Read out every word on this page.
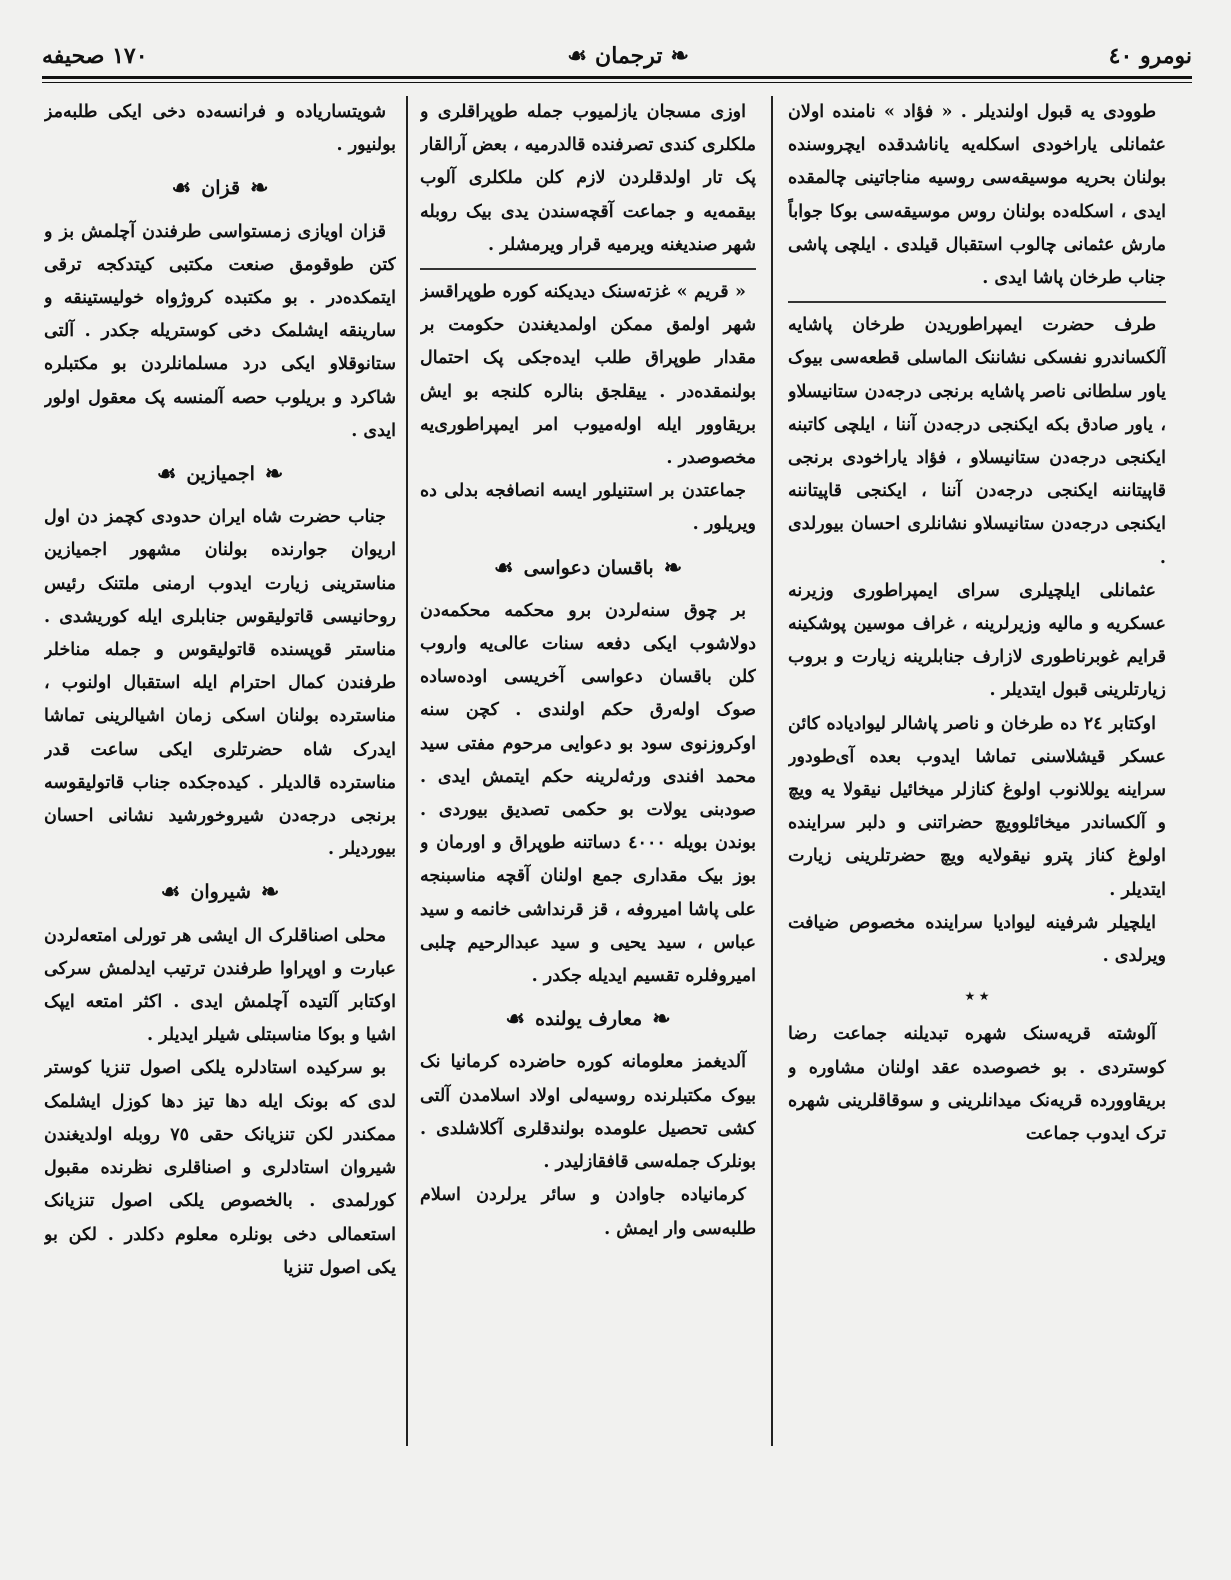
نومرو ٤٠
❧
ترجمان
☙
١٧٠ صحیفه

طوودی یه قبول اولندیلر . « فؤاد » نامنده اولان عثمانلی یاراخودی اسکله‌یه یاناشدقده ایچروسنده بولنان بحریه موسیقه‌سی روسیه مناجاتینی چالمقده ایدی ، اسکله‌ده بولنان روس موسیقه‌سی بوکا جواباً مارش عثمانی چالوب استقبال قیلدی . ایلچی پاشی جناب طرخان پاشا ایدی .

طرف حضرت ایمپراطوریدن طرخان پاشایه آلکساندرو نفسکی نشاننک الماسلی قطعه‌سی بیوک یاور سلطانی ناصر پاشایه برنجی درجه‌دن ستانیسلاو ، یاور صادق بکه ایکنجی درجه‌دن آننا ، ایلچی کاتبنه ایکنجی درجه‌دن ستانیسلاو ، فؤاد یاراخودی برنجی قاپیتاننه ایکنجی درجه‌دن آننا ، ایکنجی قاپیتاننه ایکنجی درجه‌دن ستانیسلاو نشانلری احسان بیورلدی .

عثمانلی ایلچیلری سرای ایمپراطوری وزیرنه عسکریه و مالیه وزیرلرینه ، غراف موسین پوشکینه قرایم غوبرناطوری لازارف جنابلرینه زیارت و بروب زیارتلرینی قبول ایتدیلر .

اوکتابر ٢٤ ده طرخان و ناصر پاشالر لیوادیاده کائن عسکر قیشلاسنی تماشا ایدوب بعده آی‌طودور سراینه یوللانوب اولوغ کنازلر میخائیل نیقولا یه ویچ و آلکساندر میخائلوویچ حضراتنی و دلبر سراینده اولوغ کناز پترو نیقولایه ویچ حضرتلرینی زیارت ایتدیلر .

ایلچیلر شرفینه لیوادیا سراینده مخصوص ضیافت ویرلدی .

٭ ٭

آلوشته قریه‌سنک شهره تبدیلنه جماعت رضا کوستردی . بو خصوصده عقد اولنان مشاوره و بریقاوورده قریه‌نک میدانلرینی و سوقاقلرینی شهره ترک ایدوب جماعت

اوزی مسجان یازلمیوب جمله طوپراقلری و ملکلری کندی تصرفنده قالدرمیه ، بعض آرالقار پک تار اولدقلردن لازم کلن ملکلری آلوب بیقمه‌یه و جماعت آقچه‌سندن یدی بیک روبله شهر صندیغنه ویرمیه قرار ویرمشلر .

« قریم » غزته‌سنک دیدیکنه کوره طوپراقسز شهر اولمق ممکن اولمدیغندن حکومت بر مقدار طوپراق طلب ایده‌جکی پک احتمال بولنمقده‌در . ییقلجق بنالره کلنجه بو ایش بریقاوور ایله اوله‌میوب امر ایمپراطوری‌یه مخصوصدر .

جماعتدن بر استنیلور ایسه انصافجه بدلی ده ویریلور .

❧
باقسان دعواسی
☙

بر چوق سنه‌لردن برو محکمه محکمه‌دن دولاشوب ایکی دفعه سنات عالی‌یه واروب کلن باقسان دعواسی آخریسی اوده‌ساده صوک اوله‌رق حکم اولندی . کچن سنه اوکروزنوی سود بو دعوایی مرحوم مفتی سید محمد افندی ورثه‌لرینه حکم ایتمش ایدی . صودبنی یولات بو حکمی تصدیق بیوردی . بوندن بویله ٤٠٠٠ دساتنه طوپراق و اورمان و بوز بیک مقداری جمع اولنان آقچه مناسبنجه علی پاشا امیروفه ، قز قرنداشی خانمه و سید عباس ، سید یحیی و سید عبدالرحیم چلبی امیروفلره تقسیم ایدیله جکدر .

❧
معارف یولنده
☙

آلدیغمز معلومانه کوره حاضرده کرمانیا نک بیوک مکتبلرنده روسیه‌لی اولاد اسلامدن آلتی کشی تحصیل علومده بولندقلری آکلاشلدی . بونلرک جمله‌سی قافقازلیدر .

کرمانیاده جاوادن و سائر یرلردن اسلام طلبه‌سی وار ایمش .

شویتساریاده و فرانسه‌ده دخی ایکی طلبه‌مز بولنیور .

❧
قزان
☙

قزان اویازی زمستواسی طرفندن آچلمش بز و کتن طوقومق صنعت مکتبی کیتدکجه ترقی ایتمکده‌در . بو مکتبده کروژواه خولیستینقه و سارینقه ایشلمک دخی کوستریله جکدر . آلتی ستانوقلاو ایکی درد مسلمانلردن بو مکتبلره شاکرد و بریلوب حصه آلمنسه پک معقول اولور ایدی .

❧
اجمیازین
☙

جناب حضرت شاه ایران حدودی کچمز دن اول اریوان جوارنده بولنان مشهور اجمیازین مناسترینی زیارت ایدوب ارمنی ملتنک رئیس روحانیسی قاتولیقوس جنابلری ایله کوریشدی . مناستر قوپسنده قاتولیقوس و جمله مناخلر طرفندن کمال احترام ایله استقبال اولنوب ، مناسترده بولنان اسکی زمان اشیالرینی تماشا ایدرک شاه حضرتلری ایکی ساعت قدر مناسترده قالدیلر . کیده‌جکده جناب قاتولیقوسه برنجی درجه‌دن شیروخورشید نشانی احسان بیوردیلر .

❧
شیروان
☙

محلی اصناقلرک ال ایشی هر تورلی امتعه‌لردن عبارت و اوپراوا طرفندن ترتیب ایدلمش سرکی اوکتابر آلتیده آچلمش ایدی . اکثر امتعه ایپک اشیا و بوکا مناسبتلی شیلر ایدیلر .

بو سرکیده استادلره یلکی اصول تنزیا کوستر لدی که بونک ایله دها تیز دها کوزل ایشلمک ممکندر لکن تنزیانک حقی ٧٥ روبله اولدیغندن شیروان استادلری و اصناقلری نظرنده مقبول کورلمدی . بالخصوص یلکی اصول تنزیانک استعمالی دخی بونلره معلوم دکلدر . لکن بو یکی اصول تنزیا
